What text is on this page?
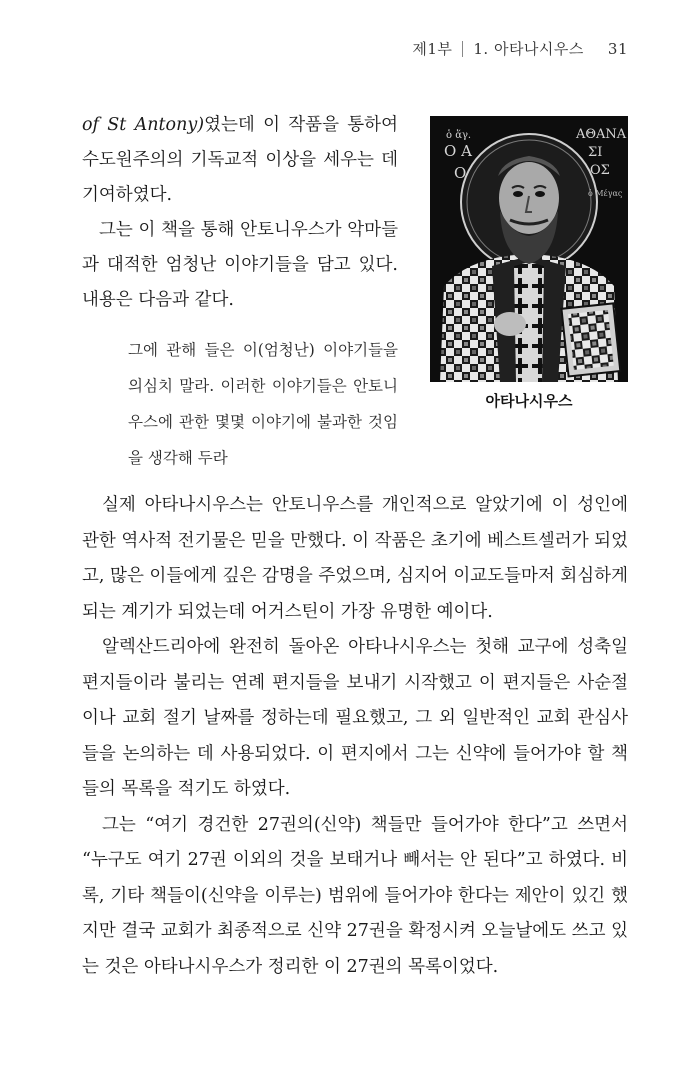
제1부 1. 아타나시우스 31

of St Antony)였는데 이 작품을 통하여 수도원주의의 기독교적 이상을 세우는 데 기여하였다.

그는 이 책을 통해 안토니우스가 악마들과 대적한 엄청난 이야기들을 담고 있다.내용은 다음과 같다.

그에 관해 들은 이(엄청난) 이야기들을 의심치 말라. 이러한 이야기들은 안토니우스에 관한 몇몇 이야기에 불과한 것임을 생각해 두라
ὁ ἅγ.
Ο Α
Ο
ΑΘΑΝΑ
ΣΙ
ΟΣ
ὁ Μέγας
아타나시우스

실제 아타나시우스는 안토니우스를 개인적으로 알았기에 이 성인에 관한 역사적 전기물은 믿을 만했다. 이 작품은 초기에 베스트셀러가 되었고, 많은 이들에게 깊은 감명을 주었으며, 심지어 이교도들마저 회심하게 되는 계기가 되었는데 어거스틴이 가장 유명한 예이다.

알렉산드리아에 완전히 돌아온 아타나시우스는 첫해 교구에 성축일 편지들이라 불리는 연례 편지들을 보내기 시작했고 이 편지들은 사순절이나 교회 절기 날짜를 정하는데 필요했고, 그 외 일반적인 교회 관심사들을 논의하는 데 사용되었다. 이 편지에서 그는 신약에 들어가야 할 책들의 목록을 적기도 하였다.

그는 “여기 경건한 27권의(신약) 책들만 들어가야 한다”고 쓰면서 “누구도 여기 27권 이외의 것을 보태거나 빼서는 안 된다”고 하였다. 비록, 기타 책들이(신약을 이루는) 범위에 들어가야 한다는 제안이 있긴 했지만 결국 교회가 최종적으로 신약 27권을 확정시켜 오늘날에도 쓰고 있는 것은 아타나시우스가 정리한 이 27권의 목록이었다.
